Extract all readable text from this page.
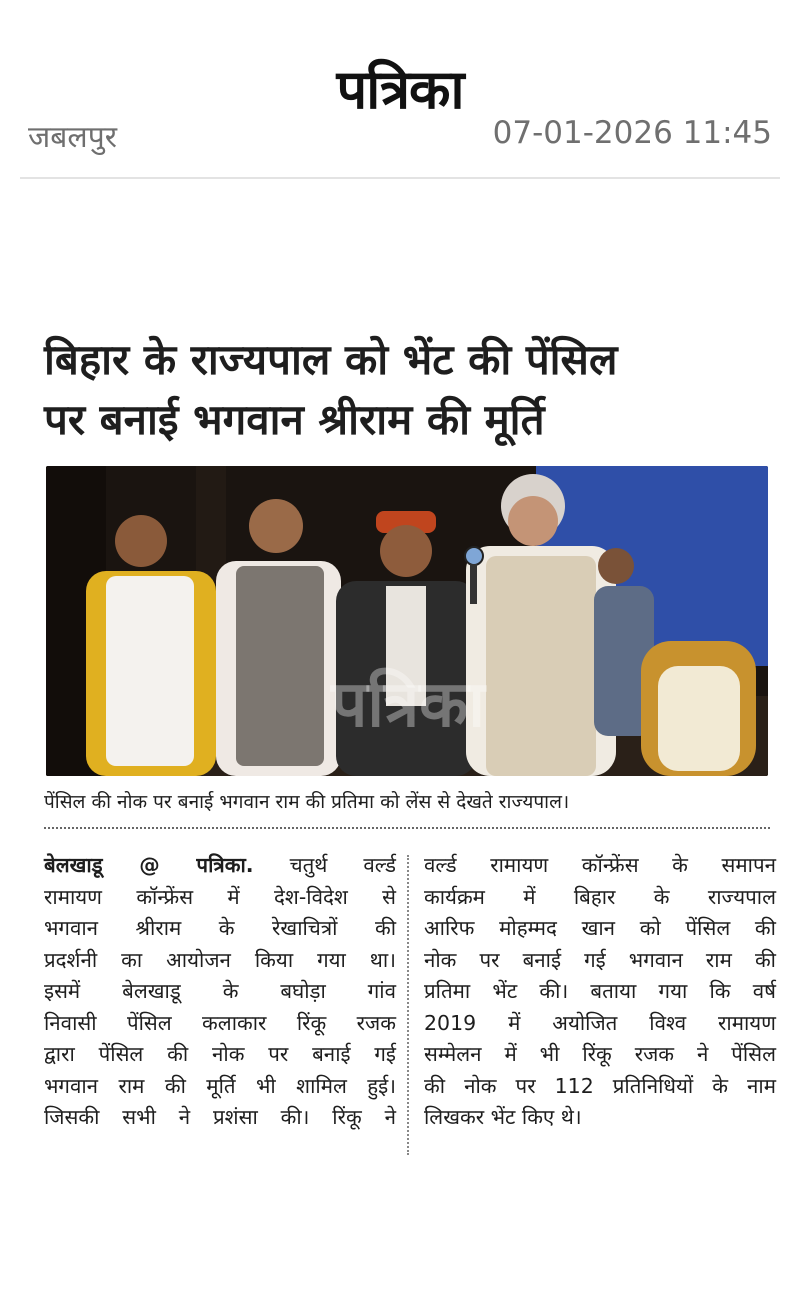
पत्रिका
जबलपुर	07-01-2026 11:45
बिहार के राज्यपाल को भेंट की पेंसिल
पर बनाई भगवान श्रीराम की मूर्ति
पत्रिका
पेंसिल की नोक पर बनाई भगवान राम की प्रतिमा को लेंस से देखते राज्यपाल।
बेलखाडू @ पत्रिका. चतुर्थ वर्ल्ड
रामायण कॉन्फ्रेंस में देश-विदेश से
भगवान श्रीराम के रेखाचित्रों की
प्रदर्शनी का आयोजन किया गया था।
इसमें बेलखाडू के बघोड़ा गांव
निवासी पेंसिल कलाकार रिंकू रजक
द्वारा पेंसिल की नोक पर बनाई गई
भगवान राम की मूर्ति भी शामिल हुई।
जिसकी सभी ने प्रशंसा की। रिंकू ने
वर्ल्ड रामायण कॉन्फ्रेंस के समापन
कार्यक्रम में बिहार के राज्यपाल
आरिफ मोहम्मद खान को पेंसिल की
नोक पर बनाई गई भगवान राम की
प्रतिमा भेंट की। बताया गया कि वर्ष
2019 में अयोजित विश्व रामायण
सम्मेलन में भी रिंकू रजक ने पेंसिल
की नोक पर 112 प्रतिनिधियों के नाम
लिखकर भेंट किए थे।
